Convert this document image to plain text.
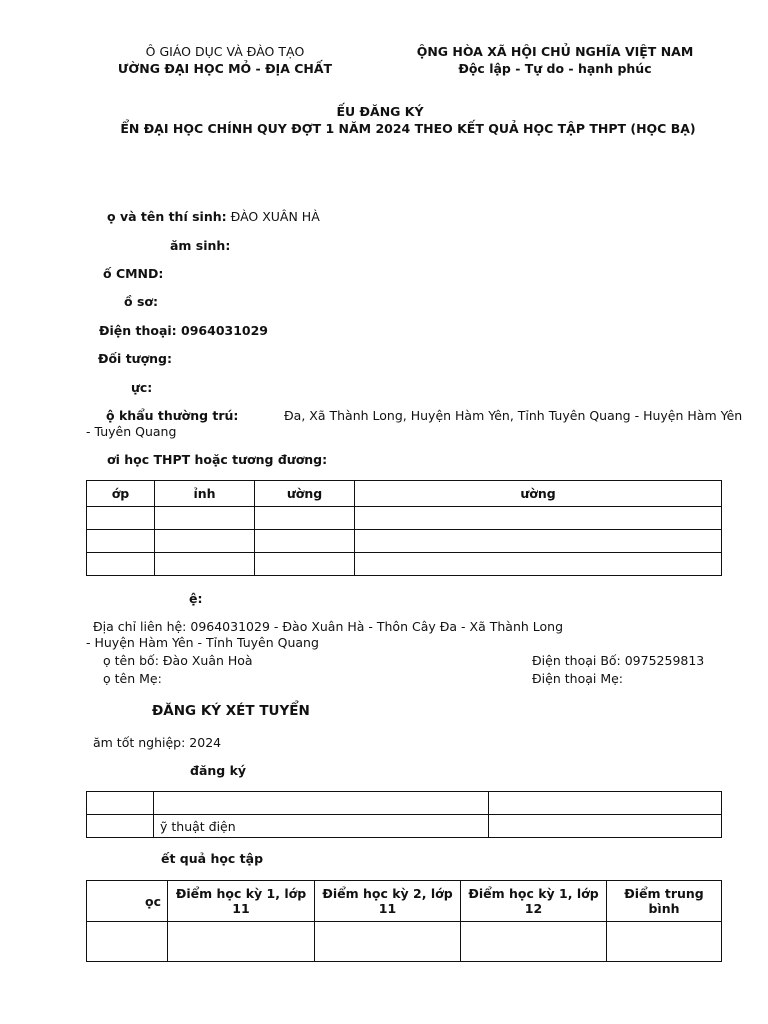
Ô GIÁO DỤC VÀ ĐÀO TẠO
ƯỜNG ĐẠI HỌC MỎ - ĐỊA CHẤT
ỘNG HÒA XÃ HỘI CHỦ NGHĨA VIỆT NAM
Độc lập - Tự do - hạnh phúc
ẾU ĐĂNG KÝ
ỂN ĐẠI HỌC CHÍNH QUY ĐỢT 1 NĂM 2024 THEO KẾT QUẢ HỌC TẬP THPT (HỌC BẠ)
ọ và tên thí sinh: ĐÀO XUÂN HÀ
ăm sinh:
ố CMND:
ồ sơ:
Điện thoại: 0964031029
Đối tượng:
ực:
ộ khẩu thường trú:	Đa, Xã Thành Long, Huyện Hàm Yên, Tỉnh Tuyên Quang - Huyện Hàm Yên
- Tuyên Quang
ơi học THPT hoặc tương đương:
ớp	ỉnh	ường	ường

ệ:
Địa chỉ liên hệ: 0964031029 - Đào Xuân Hà - Thôn Cây Đa - Xã Thành Long
- Huyện Hàm Yên - Tỉnh Tuyên Quang
ọ tên bố: Đào Xuân Hoà	Điện thoại Bố: 0975259813
ọ tên Mẹ:	Điện thoại Mẹ:
ĐĂNG KÝ XÉT TUYỂN
ăm tốt nghiệp: 2024
đăng ký

	ỹ thuật điện	
ết quả học tập
ọc	Điểm học kỳ 1, lớp 11	Điểm học kỳ 2, lớp 11	Điểm học kỳ 1, lớp 12	Điểm trung bình
